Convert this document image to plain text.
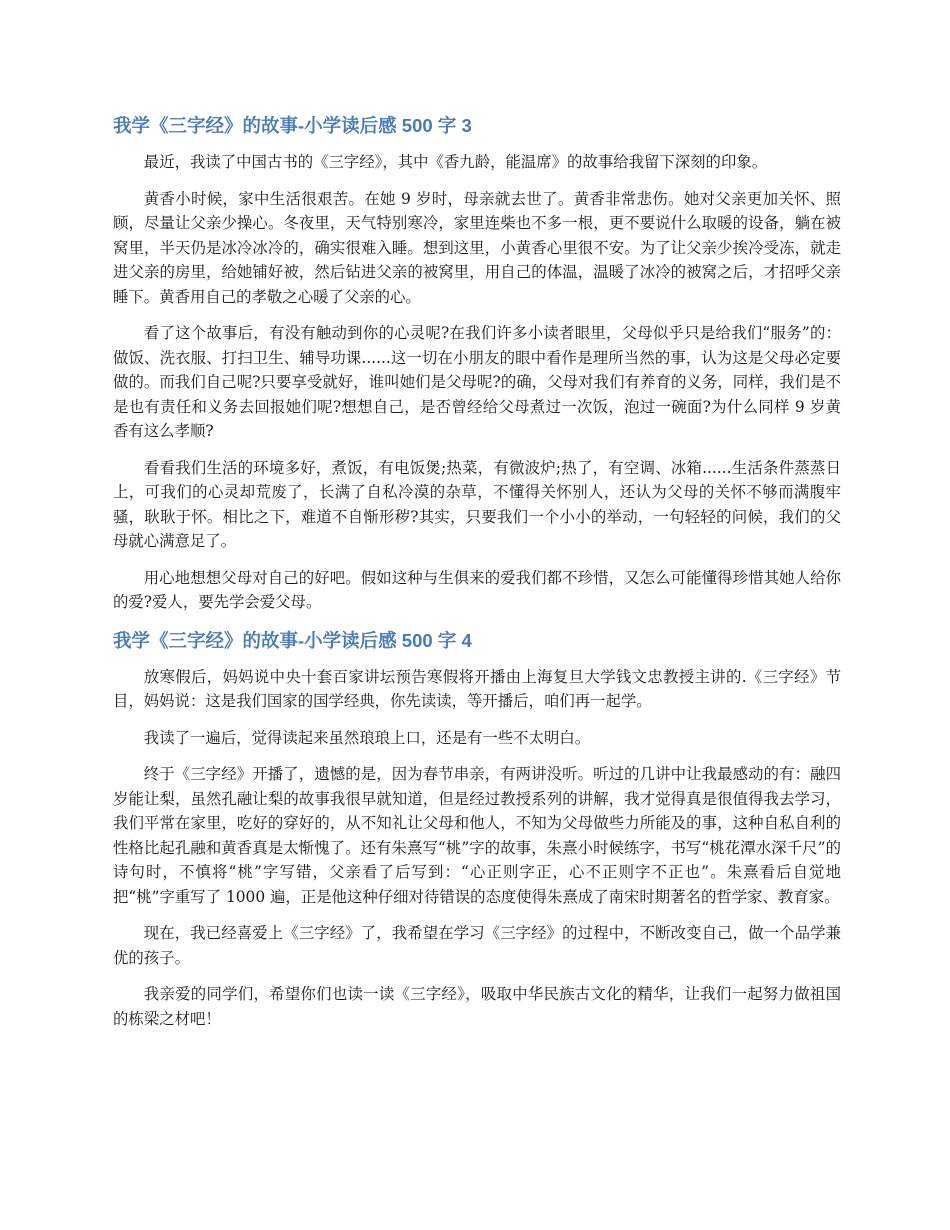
我学《三字经》的故事-小学读后感 500 字 3

最近，我读了中国古书的《三字经》，其中《香九龄，能温席》的故事给我留下深刻的印象。

黄香小时候，家中生活很艰苦。在她 9 岁时，母亲就去世了。黄香非常悲伤。她对父亲更加关怀、照顾，尽量让父亲少操心。冬夜里，天气特别寒冷，家里连柴也不多一根，更不要说什么取暖的设备，躺在被窝里，半天仍是冰冷冰冷的，确实很难入睡。想到这里，小黄香心里很不安。为了让父亲少挨冷受冻，就走进父亲的房里，给她铺好被，然后钻进父亲的被窝里，用自己的体温，温暖了冰冷的被窝之后，才招呼父亲睡下。黄香用自己的孝敬之心暖了父亲的心。

看了这个故事后，有没有触动到你的心灵呢?在我们许多小读者眼里，父母似乎只是给我们“服务”的：做饭、洗衣服、打扫卫生、辅导功课......这一切在小朋友的眼中看作是理所当然的事，认为这是父母必定要做的。而我们自己呢?只要享受就好，谁叫她们是父母呢?的确，父母对我们有养育的义务，同样，我们是不是也有责任和义务去回报她们呢?想想自己，是否曾经给父母煮过一次饭，泡过一碗面?为什么同样 9 岁黄香有这么孝顺?

看看我们生活的环境多好，煮饭，有电饭煲;热菜，有微波炉;热了，有空调、冰箱......生活条件蒸蒸日上，可我们的心灵却荒废了，长满了自私冷漠的杂草，不懂得关怀别人，还认为父母的关怀不够而满腹牢骚，耿耿于怀。相比之下，难道不自惭形秽?其实，只要我们一个小小的举动，一句轻轻的问候，我们的父母就心满意足了。

用心地想想父母对自己的好吧。假如这种与生俱来的爱我们都不珍惜，又怎么可能懂得珍惜其她人给你的爱?爱人，要先学会爱父母。

我学《三字经》的故事-小学读后感 500 字 4

放寒假后，妈妈说中央十套百家讲坛预告寒假将开播由上海复旦大学钱文忠教授主讲的.《三字经》节目，妈妈说：这是我们国家的国学经典，你先读读，等开播后，咱们再一起学。

我读了一遍后，觉得读起来虽然琅琅上口，还是有一些不太明白。

终于《三字经》开播了，遗憾的是，因为春节串亲，有两讲没听。听过的几讲中让我最感动的有：融四岁能让梨，虽然孔融让梨的故事我很早就知道，但是经过教授系列的讲解，我才觉得真是很值得我去学习，我们平常在家里，吃好的穿好的，从不知礼让父母和他人，不知为父母做些力所能及的事，这种自私自利的性格比起孔融和黄香真是太惭愧了。还有朱熹写“桃”字的故事，朱熹小时候练字，书写“桃花潭水深千尺”的诗句时，不慎将“桃”字写错，父亲看了后写到：“心正则字正，心不正则字不正也”。朱熹看后自觉地把“桃”字重写了 1000 遍，正是他这种仔细对待错误的态度使得朱熹成了南宋时期著名的哲学家、教育家。

现在，我已经喜爱上《三字经》了，我希望在学习《三字经》的过程中，不断改变自己，做一个品学兼优的孩子。

我亲爱的同学们，希望你们也读一读《三字经》，吸取中华民族古文化的精华，让我们一起努力做祖国的栋梁之材吧！
